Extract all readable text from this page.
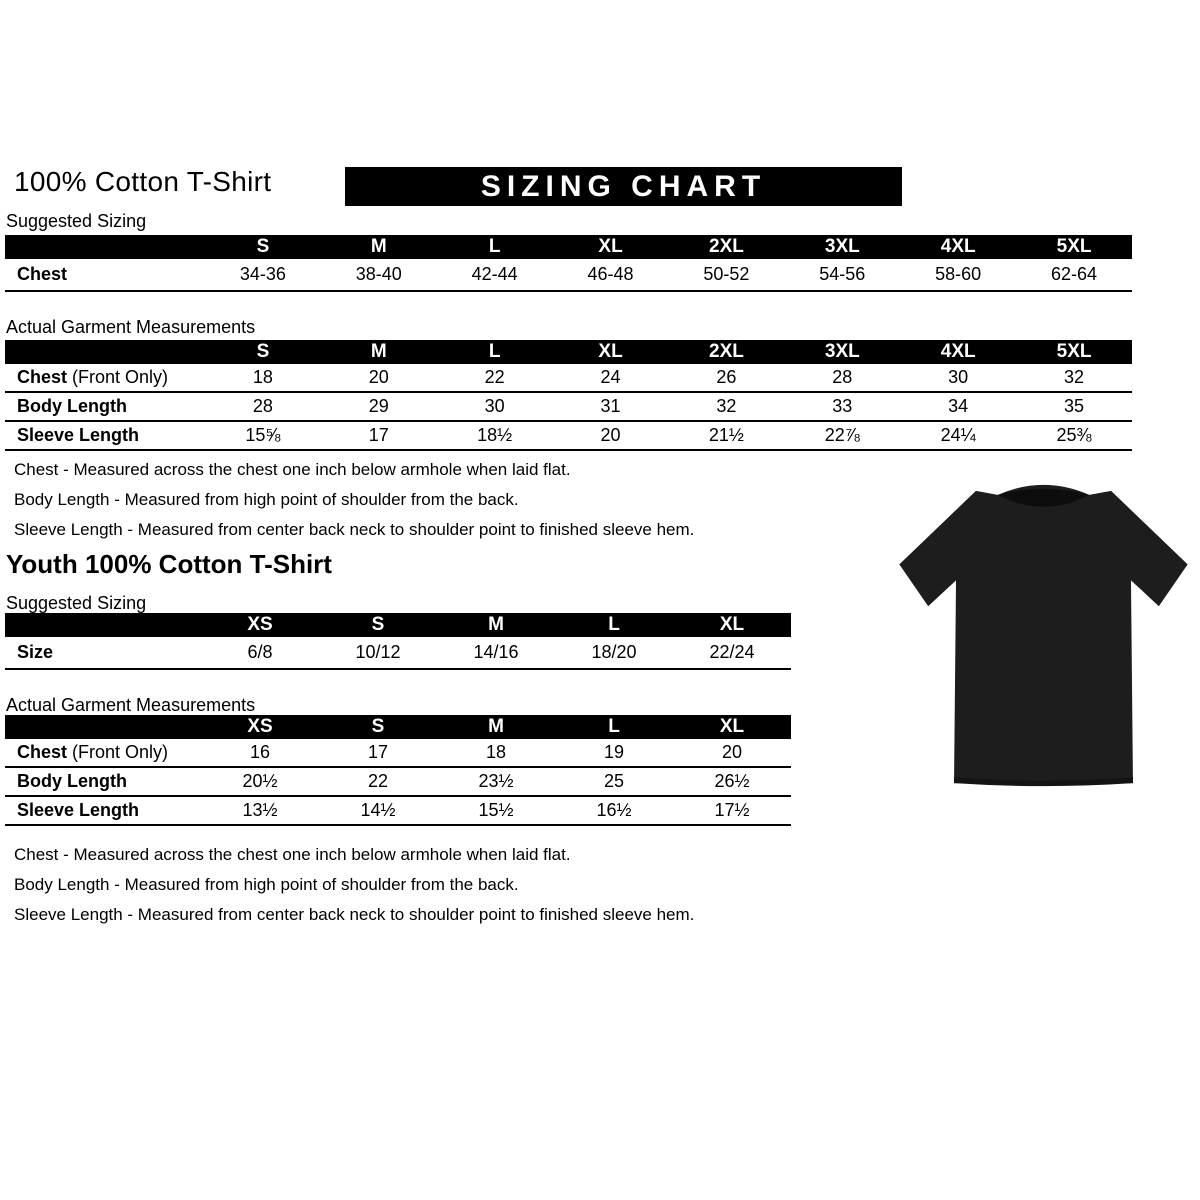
100% Cotton T-Shirt	SIZING CHART
Suggested Sizing
	S	M	L	XL	2XL	3XL	4XL	5XL
Chest	34-36	38-40	42-44	46-48	50-52	54-56	58-60	62-64
Actual Garment Measurements
	S	M	L	XL	2XL	3XL	4XL	5XL
Chest (Front Only)	18	20	22	24	26	28	30	32
Body Length	28	29	30	31	32	33	34	35
Sleeve Length	15⅝	17	18½	20	21½	22⅞	24¼	25⅜

Chest - Measured across the chest one inch below armhole when laid flat.

Body Length - Measured from high point of shoulder from the back.

Sleeve Length - Measured from center back neck to shoulder point to finished sleeve hem.

Youth 100% Cotton T-Shirt
Suggested Sizing
	XS	S	M	L	XL
Size	6/8	10/12	14/16	18/20	22/24
Actual Garment Measurements
	XS	S	M	L	XL
Chest (Front Only)	16	17	18	19	20
Body Length	20½	22	23½	25	26½
Sleeve Length	13½	14½	15½	16½	17½

Chest - Measured across the chest one inch below armhole when laid flat.

Body Length - Measured from high point of shoulder from the back.

Sleeve Length - Measured from center back neck to shoulder point to finished sleeve hem.
